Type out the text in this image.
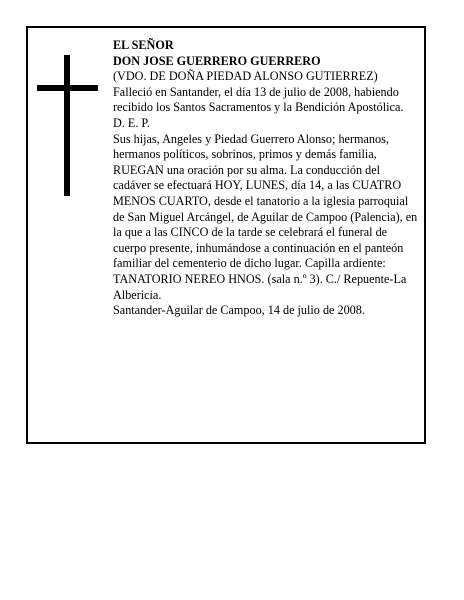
EL SEÑOR

DON JOSE GUERRERO GUERRERO

(VDO. DE DOÑA PIEDAD ALONSO GUTIERREZ)

Falleció en Santander, el día 13 de julio de 2008, habiendo recibido los Santos Sacramentos y la Bendición Apostólica.

D. E. P.

Sus hijas, Angeles y Piedad Guerrero Alonso; hermanos, hermanos políticos, sobrinos, primos y demás familia,

RUEGAN una oración por su alma. La conducción del cadáver se efectuará HOY, LUNES, día 14, a las CUATRO MENOS CUARTO, desde el tanatorio a la iglesia parroquial de San Miguel Arcángel, de Aguilar de Campoo (Palencia), en la que a las CINCO de la tarde se celebrará el funeral de cuerpo presente, inhumándose a continuación en el panteón familiar del cementerio de dicho lugar. Capilla ardiente: TANATORIO NEREO HNOS. (sala n.º 3). C./ Repuente-La Albericia.

Santander-Aguilar de Campoo, 14 de julio de 2008.
